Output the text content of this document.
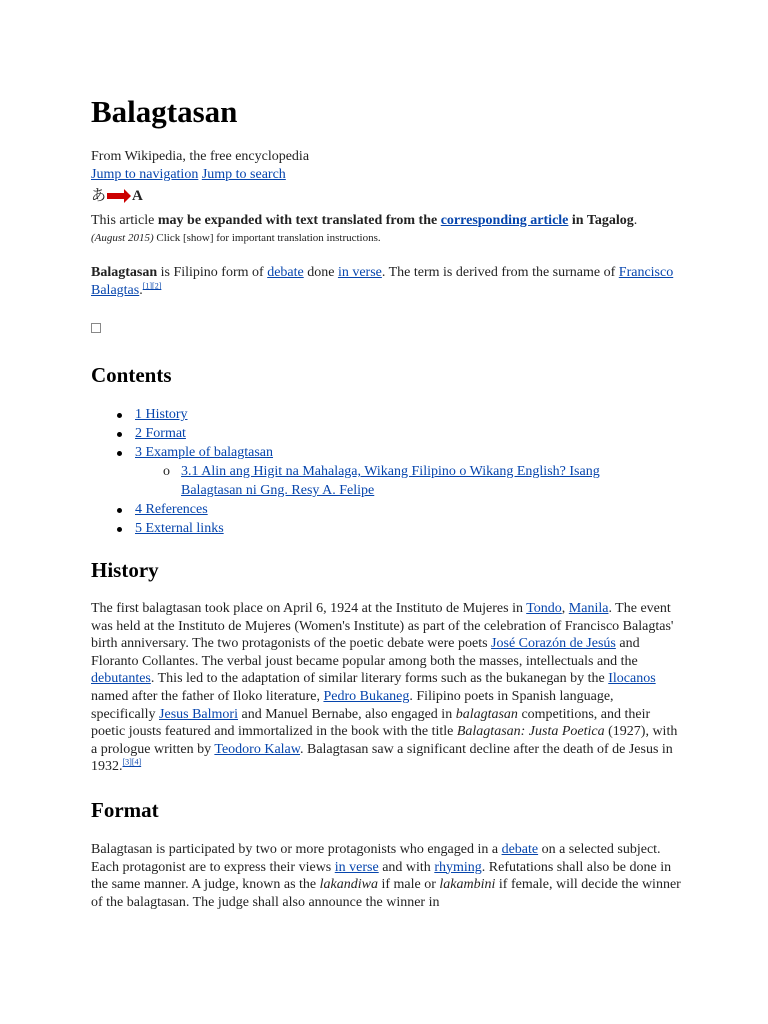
Balagtasan
From Wikipedia, the free encyclopedia
Jump to navigation Jump to search
あ A
This article may be expanded with text translated from the corresponding article in Tagalog.
(August 2015) Click [show] for important translation instructions.
Balagtasan is Filipino form of debate done in verse. The term is derived from the surname of Francisco Balagtas.[1][2]
Contents
1 History
2 Format
3 Example of balagtasan
o 3.1 Alin ang Higit na Mahalaga, Wikang Filipino o Wikang English? Isang Balagtasan ni Gng. Resy A. Felipe
4 References
5 External links
History
The first balagtasan took place on April 6, 1924 at the Instituto de Mujeres in Tondo, Manila. The event was held at the Instituto de Mujeres (Women's Institute) as part of the celebration of Francisco Balagtas' birth anniversary. The two protagonists of the poetic debate were poets José Corazón de Jesús and Floranto Collantes. The verbal joust became popular among both the masses, intellectuals and the debutantes. This led to the adaptation of similar literary forms such as the bukanegan by the Ilocanos named after the father of Iloko literature, Pedro Bukaneg. Filipino poets in Spanish language, specifically Jesus Balmori and Manuel Bernabe, also engaged in balagtasan competitions, and their poetic jousts featured and immortalized in the book with the title Balagtasan: Justa Poetica (1927), with a prologue written by Teodoro Kalaw. Balagtasan saw a significant decline after the death of de Jesus in 1932.[3][4]
Format
Balagtasan is participated by two or more protagonists who engaged in a debate on a selected subject. Each protagonist are to express their views in verse and with rhyming. Refutations shall also be done in the same manner. A judge, known as the lakandiwa if male or lakambini if female, will decide the winner of the balagtasan. The judge shall also announce the winner in
